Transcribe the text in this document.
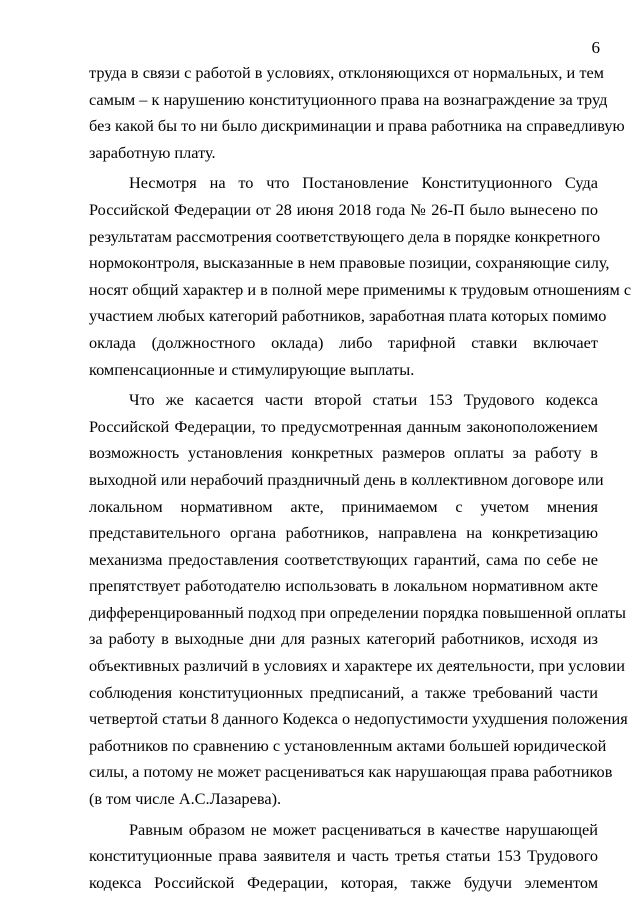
6
труда в связи с работой в условиях, отклоняющихся от нормальных, и тем
самым – к нарушению конституционного права на вознаграждение за труд
без какой бы то ни было дискриминации и права работника на справедливую
заработную плату.
Несмотря на то что Постановление Конституционного Суда
Российской Федерации от 28 июня 2018 года № 26-П было вынесено по
результатам рассмотрения соответствующего дела в порядке конкретного
нормоконтроля, высказанные в нем правовые позиции, сохраняющие силу,
носят общий характер и в полной мере применимы к трудовым отношениям с
участием любых категорий работников, заработная плата которых помимо
оклада (должностного оклада) либо тарифной ставки включает
компенсационные и стимулирующие выплаты.
Что же касается части второй статьи 153 Трудового кодекса
Российской Федерации, то предусмотренная данным законоположением
возможность установления конкретных размеров оплаты за работу в
выходной или нерабочий праздничный день в коллективном договоре или
локальном нормативном акте, принимаемом с учетом мнения
представительного органа работников, направлена на конкретизацию
механизма предоставления соответствующих гарантий, сама по себе не
препятствует работодателю использовать в локальном нормативном акте
дифференцированный подход при определении порядка повышенной оплаты
за работу в выходные дни для разных категорий работников, исходя из
объективных различий в условиях и характере их деятельности, при условии
соблюдения конституционных предписаний, а также требований части
четвертой статьи 8 данного Кодекса о недопустимости ухудшения положения
работников по сравнению с установленным актами большей юридической
силы, а потому не может расцениваться как нарушающая права работников
(в том числе А.С.Лазарева).
Равным образом не может расцениваться в качестве нарушающей
конституционные права заявителя и часть третья статьи 153 Трудового
кодекса Российской Федерации, которая, также будучи элементом
